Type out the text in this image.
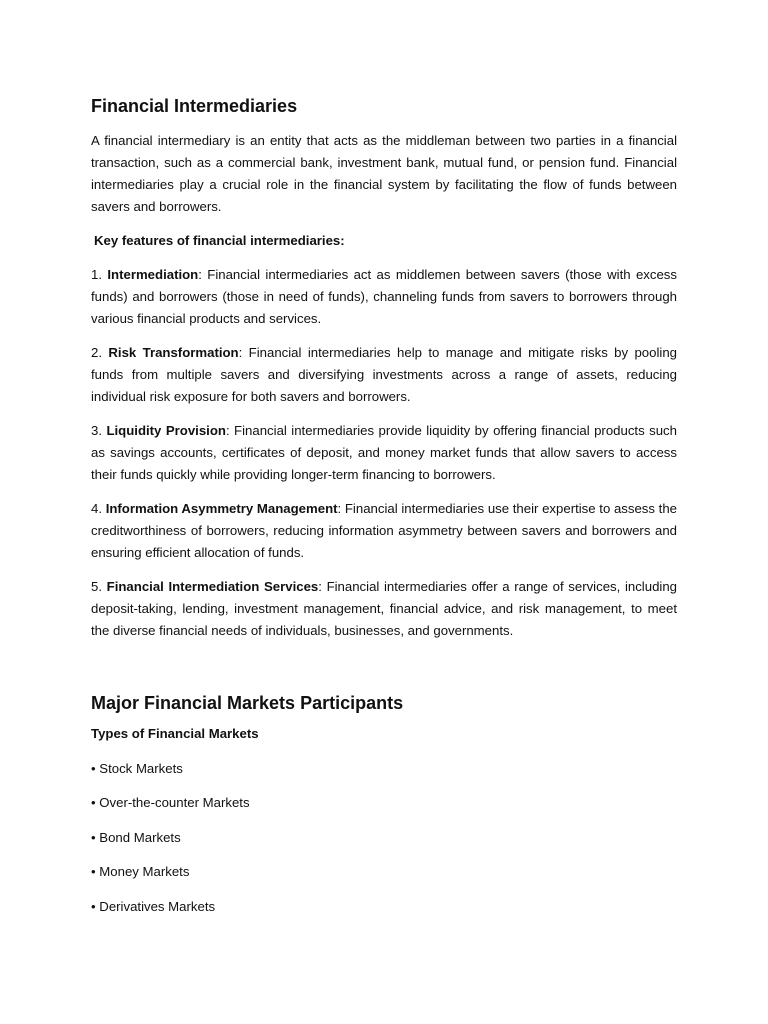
Financial Intermediaries

A financial intermediary is an entity that acts as the middleman between two parties in a financial transaction, such as a commercial bank, investment bank, mutual fund, or pension fund. Financial intermediaries play a crucial role in the financial system by facilitating the flow of funds between savers and borrowers.

Key features of financial intermediaries:

1. Intermediation: Financial intermediaries act as middlemen between savers (those with excess funds) and borrowers (those in need of funds), channeling funds from savers to borrowers through various financial products and services.

2. Risk Transformation: Financial intermediaries help to manage and mitigate risks by pooling funds from multiple savers and diversifying investments across a range of assets, reducing individual risk exposure for both savers and borrowers.

3. Liquidity Provision: Financial intermediaries provide liquidity by offering financial products such as savings accounts, certificates of deposit, and money market funds that allow savers to access their funds quickly while providing longer-term financing to borrowers.

4. Information Asymmetry Management: Financial intermediaries use their expertise to assess the creditworthiness of borrowers, reducing information asymmetry between savers and borrowers and ensuring efficient allocation of funds.

5. Financial Intermediation Services: Financial intermediaries offer a range of services, including deposit-taking, lending, investment management, financial advice, and risk management, to meet the diverse financial needs of individuals, businesses, and governments.

Major Financial Markets Participants

Types of Financial Markets

• Stock Markets
• Over-the-counter Markets
• Bond Markets
• Money Markets
• Derivatives Markets
